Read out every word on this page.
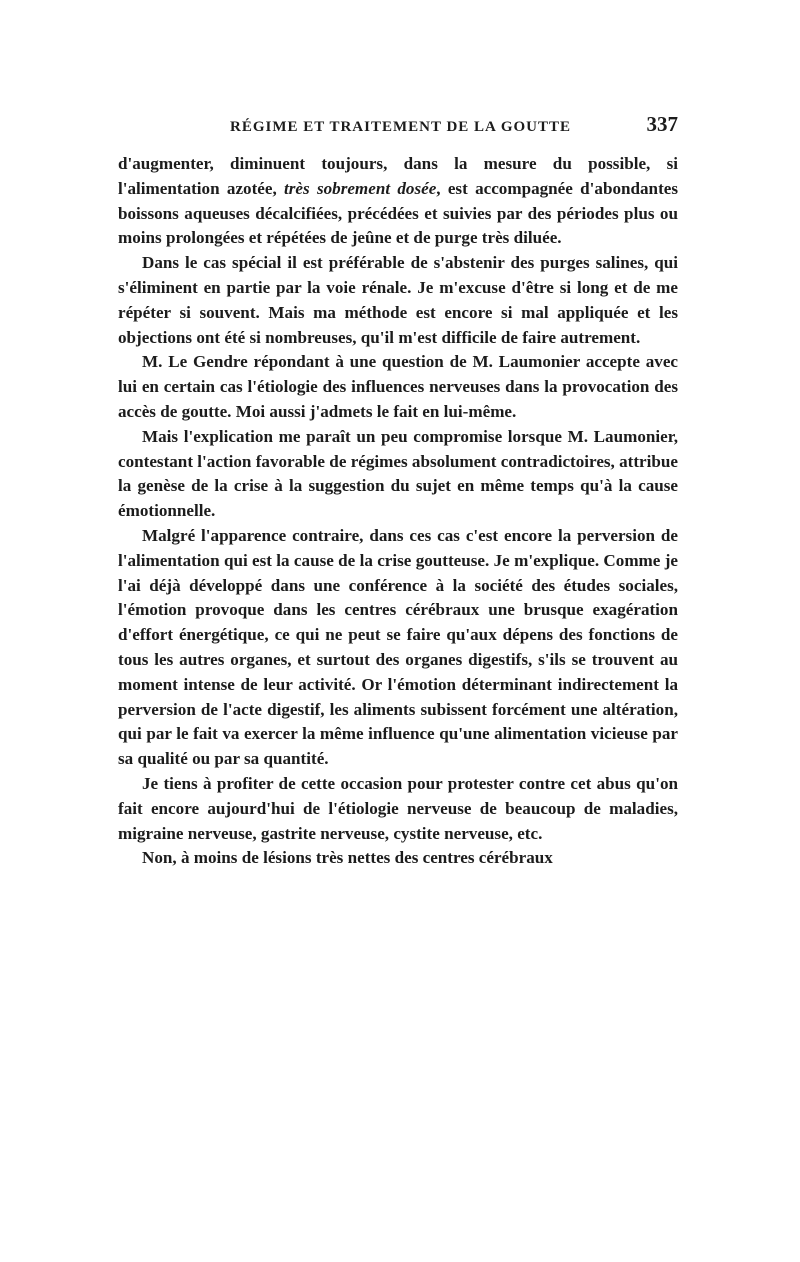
RÉGIME ET TRAITEMENT DE LA GOUTTE	337

d'augmenter, diminuent toujours, dans la mesure du possible, si l'alimentation azotée, très sobrement dosée, est accompagnée d'abondantes boissons aqueuses décalcifiées, précédées et suivies par des périodes plus ou moins prolongées et répétées de jeûne et de purge très diluée.

Dans le cas spécial il est préférable de s'abstenir des purges salines, qui s'éliminent en partie par la voie rénale. Je m'excuse d'être si long et de me répéter si souvent. Mais ma méthode est encore si mal appliquée et les objections ont été si nombreuses, qu'il m'est difficile de faire autrement.

M. Le Gendre répondant à une question de M. Laumonier accepte avec lui en certain cas l'étiologie des influences nerveuses dans la provocation des accès de goutte. Moi aussi j'admets le fait en lui-même.

Mais l'explication me paraît un peu compromise lorsque M. Laumonier, contestant l'action favorable de régimes absolument contradictoires, attribue la genèse de la crise à la suggestion du sujet en même temps qu'à la cause émotionnelle.

Malgré l'apparence contraire, dans ces cas c'est encore la perversion de l'alimentation qui est la cause de la crise goutteuse. Je m'explique. Comme je l'ai déjà développé dans une conférence à la société des études sociales, l'émotion provoque dans les centres cérébraux une brusque exagération d'effort énergétique, ce qui ne peut se faire qu'aux dépens des fonctions de tous les autres organes, et surtout des organes digestifs, s'ils se trouvent au moment intense de leur activité. Or l'émotion déterminant indirectement la perversion de l'acte digestif, les aliments subissent forcément une altération, qui par le fait va exercer la même influence qu'une alimentation vicieuse par sa qualité ou par sa quantité.

Je tiens à profiter de cette occasion pour protester contre cet abus qu'on fait encore aujourd'hui de l'étiologie nerveuse de beaucoup de maladies, migraine nerveuse, gastrite nerveuse, cystite nerveuse, etc.

Non, à moins de lésions très nettes des centres cérébraux
